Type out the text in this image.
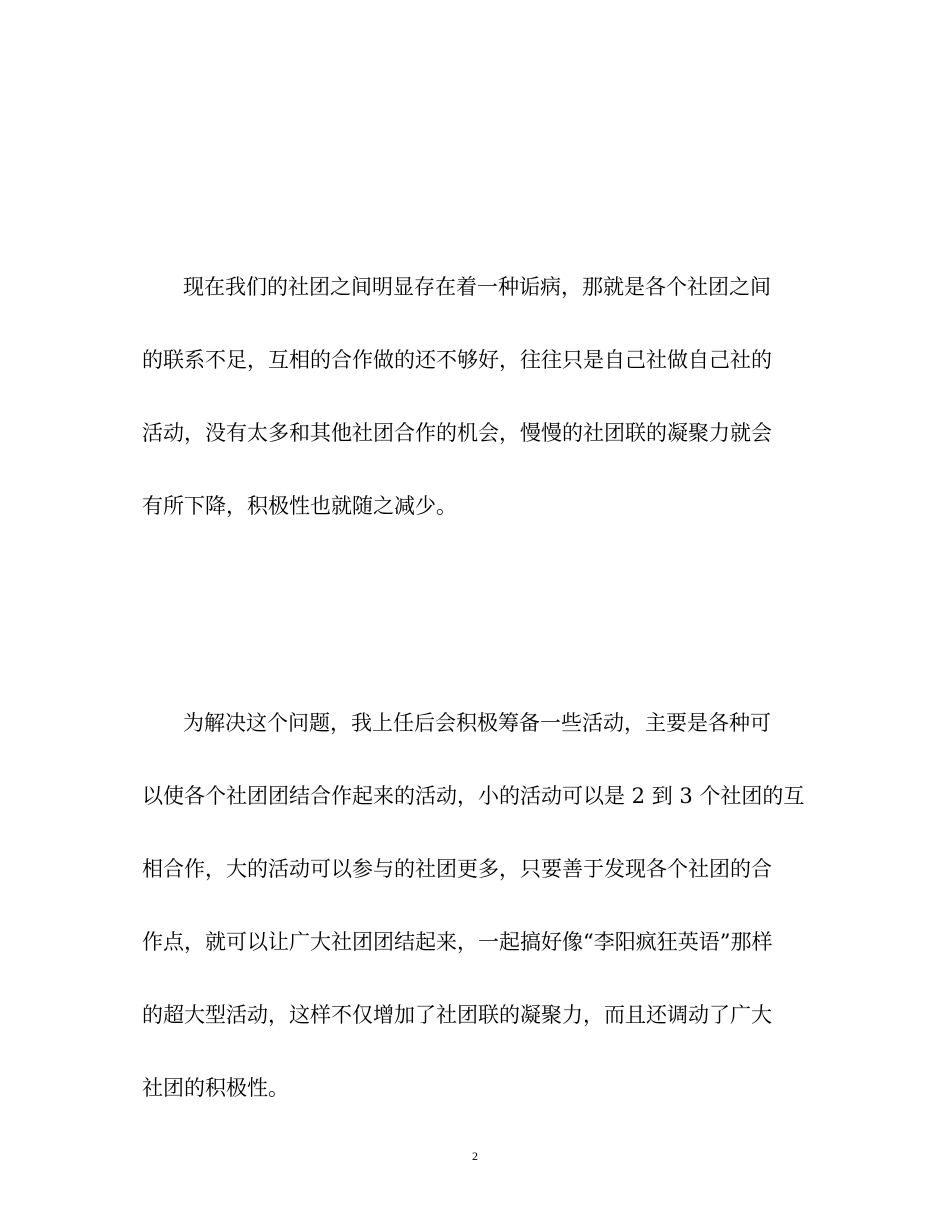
现在我们的社团之间明显存在着一种诟病，那就是各个社团之间
的联系不足，互相的合作做的还不够好，往往只是自己社做自己社的
活动，没有太多和其他社团合作的机会，慢慢的社团联的凝聚力就会
有所下降，积极性也就随之减少。
为解决这个问题，我上任后会积极筹备一些活动，主要是各种可
以使各个社团团结合作起来的活动，小的活动可以是 2 到 3 个社团的互
相合作，大的活动可以参与的社团更多，只要善于发现各个社团的合
作点，就可以让广大社团团结起来，一起搞好像“李阳疯狂英语”那样
的超大型活动，这样不仅增加了社团联的凝聚力，而且还调动了广大
社团的积极性。
2
